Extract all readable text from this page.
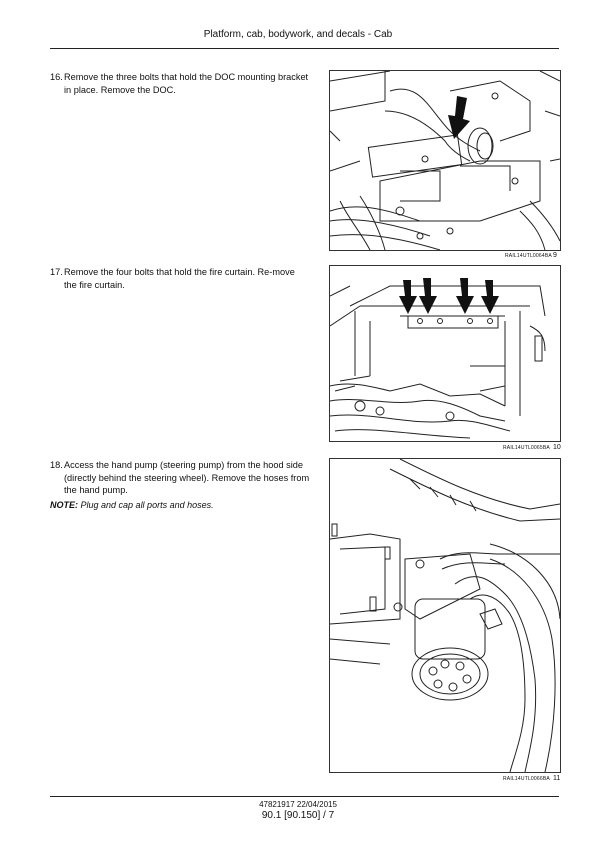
Platform, cab, bodywork, and decals - Cab
16. Remove the three bolts that hold the DOC mounting bracket in place. Remove the DOC.
RAIL14UTL0064BA 9
17. Remove the four bolts that hold the fire curtain. Re-move the fire curtain.
RAIL14UTL0065BA 10
18. Access the hand pump (steering pump) from the hood side (directly behind the steering wheel). Remove the hoses from the hand pump.
NOTE: Plug and cap all ports and hoses.
RAIL14UTL0066BA 11
47821917 22/04/2015
90.1 [90.150] / 7
